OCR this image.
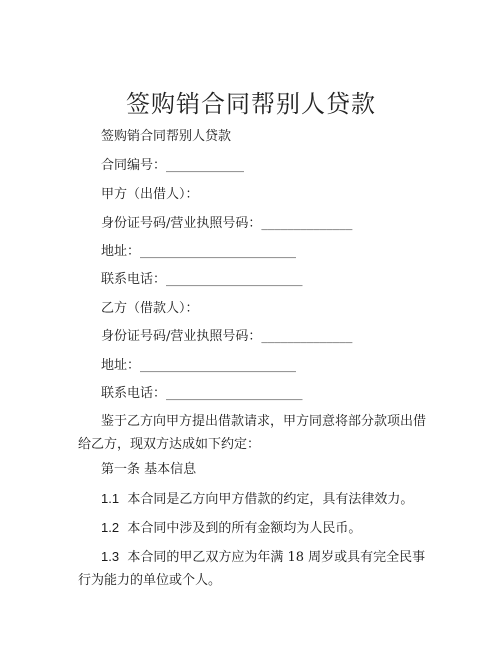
签购销合同帮别人贷款
签购销合同帮别人贷款
合同编号：____________
甲方（出借人）：
身份证号码/营业执照号码：______________
地址：________________________
联系电话：_____________________
乙方（借款人）：
身份证号码/营业执照号码：______________
地址：________________________
联系电话：_____________________
鉴于乙方向甲方提出借款请求，甲方同意将部分款项出借给乙方，现双方达成如下约定：
第一条 基本信息
1.1 本合同是乙方向甲方借款的约定，具有法律效力。
1.2 本合同中涉及到的所有金额均为人民币。
1.3 本合同的甲乙双方应为年满 18 周岁或具有完全民事行为能力的单位或个人。
